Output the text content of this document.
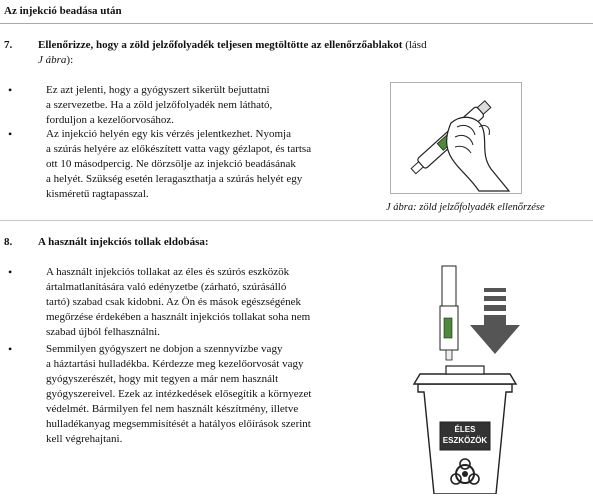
Az injekció beadása után
7. Ellenőrizze, hogy a zöld jelzőfolyadék teljesen megtöltötte az ellenőrzőablakot (lásd
J ábra):
•	Ez azt jelenti, hogy a gyógyszert sikerült bejuttatni
a szervezetbe. Ha a zöld jelzőfolyadék nem látható,
forduljon a kezelőorvosához.
•	Az injekció helyén egy kis vérzés jelentkezhet. Nyomja
a szúrás helyére az előkészített vatta vagy gézlapot, és tartsa
ott 10 másodpercig. Ne dörzsölje az injekció beadásának
a helyét. Szükség esetén leragaszthatja a szúrás helyét egy
kisméretű ragtapasszal.
J ábra: zöld jelzőfolyadék ellenőrzése
8. A használt injekciós tollak eldobása:
•	A használt injekciós tollakat az éles és szúrós eszközök
ártalmatlanítására való edényzetbe (zárható, szúrásálló
tartó) szabad csak kidobni. Az Ön és mások egészségének
megőrzése érdekében a használt injekciós tollakat soha nem
szabad újból felhasználni.
•	Semmilyen gyógyszert ne dobjon a szennyvízbe vagy
a háztartási hulladékba. Kérdezze meg kezelőorvosát vagy
gyógyszerészét, hogy mit tegyen a már nem használt
gyógyszereivel. Ezek az intézkedések elősegítik a környezet
védelmét. Bármilyen fel nem használt készítmény, illetve
hulladékanyag megsemmisítését a hatályos előírások szerint
kell végrehajtani.
ÉLES
ESZKÖZÖK
